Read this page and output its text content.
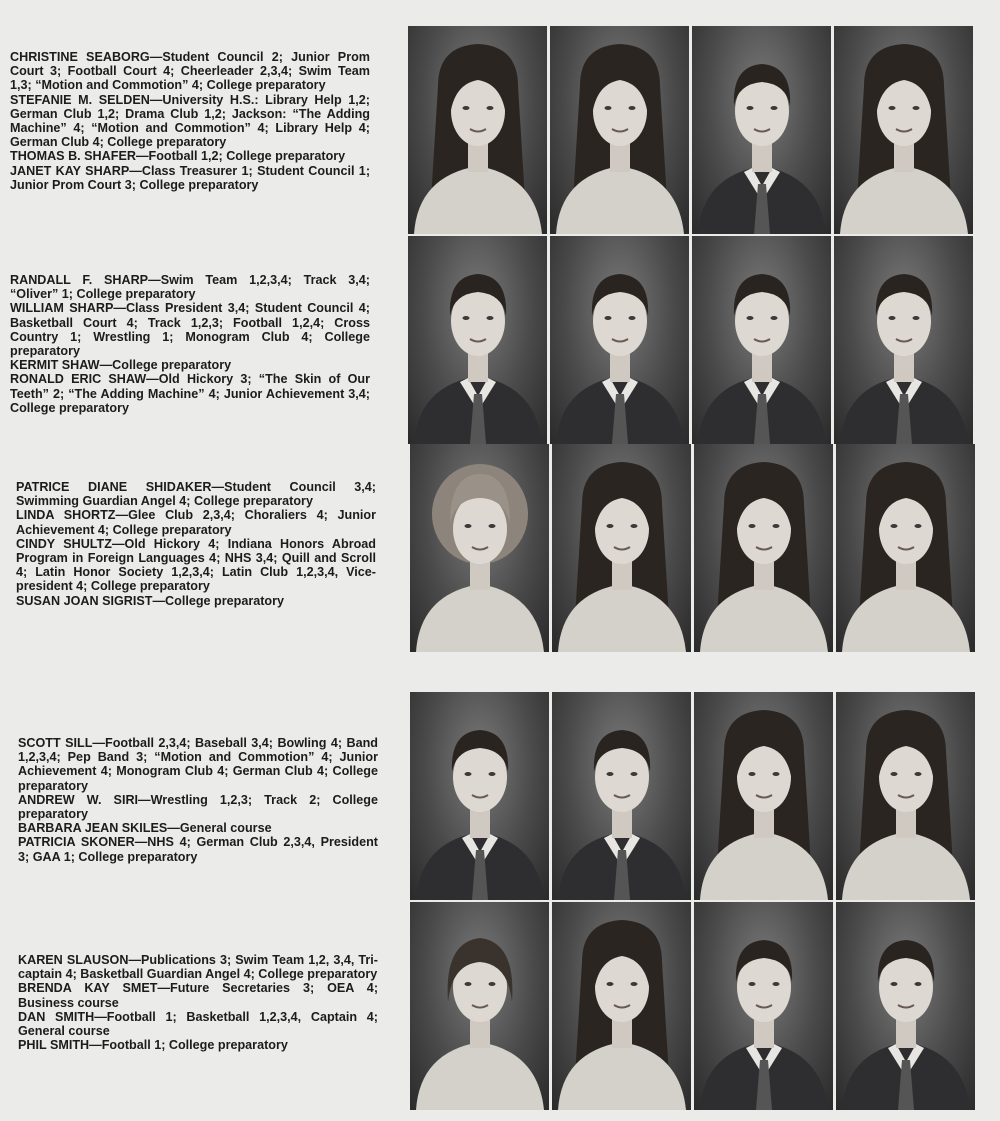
CHRISTINE SEABORG—Student Council 2; Junior Prom Court 3; Football Court 4; Cheerleader 2,3,4; Swim Team 1,3; “Motion and Commotion” 4; College preparatory

STEFANIE M. SELDEN—University H.S.: Library Help 1,2; German Club 1,2; Drama Club 1,2; Jackson: “The Adding Machine” 4; “Motion and Commotion” 4; Library Help 4; German Club 4; College preparatory

THOMAS B. SHAFER—Football 1,2; College preparatory

JANET KAY SHARP—Class Treasurer 1; Student Council 1; Junior Prom Court 3; College preparatory

RANDALL F. SHARP—Swim Team 1,2,3,4; Track 3,4; “Oliver” 1; College preparatory

WILLIAM SHARP—Class President 3,4; Student Council 4; Basketball Court 4; Track 1,2,3; Football 1,2,4; Cross Country 1; Wrestling 1; Monogram Club 4; College preparatory

KERMIT SHAW—College preparatory

RONALD ERIC SHAW—Old Hickory 3; “The Skin of Our Teeth” 2; “The Adding Machine” 4; Junior Achievement 3,4; College preparatory

PATRICE DIANE SHIDAKER—Student Council 3,4; Swimming Guardian Angel 4; College preparatory

LINDA SHORTZ—Glee Club 2,3,4; Choraliers 4; Junior Achievement 4; College preparatory

CINDY SHULTZ—Old Hickory 4; Indiana Honors Abroad Program in Foreign Languages 4; NHS 3,4; Quill and Scroll 4; Latin Honor Society 1,2,3,4; Latin Club 1,2,3,4, Vice-president 4; College preparatory

SUSAN JOAN SIGRIST—College preparatory

SCOTT SILL—Football 2,3,4; Baseball 3,4; Bowling 4; Band 1,2,3,4; Pep Band 3; “Motion and Commotion” 4; Junior Achievement 4; Monogram Club 4; German Club 4; College preparatory

ANDREW W. SIRI—Wrestling 1,2,3; Track 2; College preparatory

BARBARA JEAN SKILES—General course

PATRICIA SKONER—NHS 4; German Club 2,3,4, President 3; GAA 1; College preparatory

KAREN SLAUSON—Publications 3; Swim Team 1,2, 3,4, Tri-captain 4; Basketball Guardian Angel 4; College preparatory

BRENDA KAY SMET—Future Secretaries 3; OEA 4; Business course

DAN SMITH—Football 1; Basketball 1,2,3,4, Captain 4; General course

PHIL SMITH—Football 1; College preparatory
